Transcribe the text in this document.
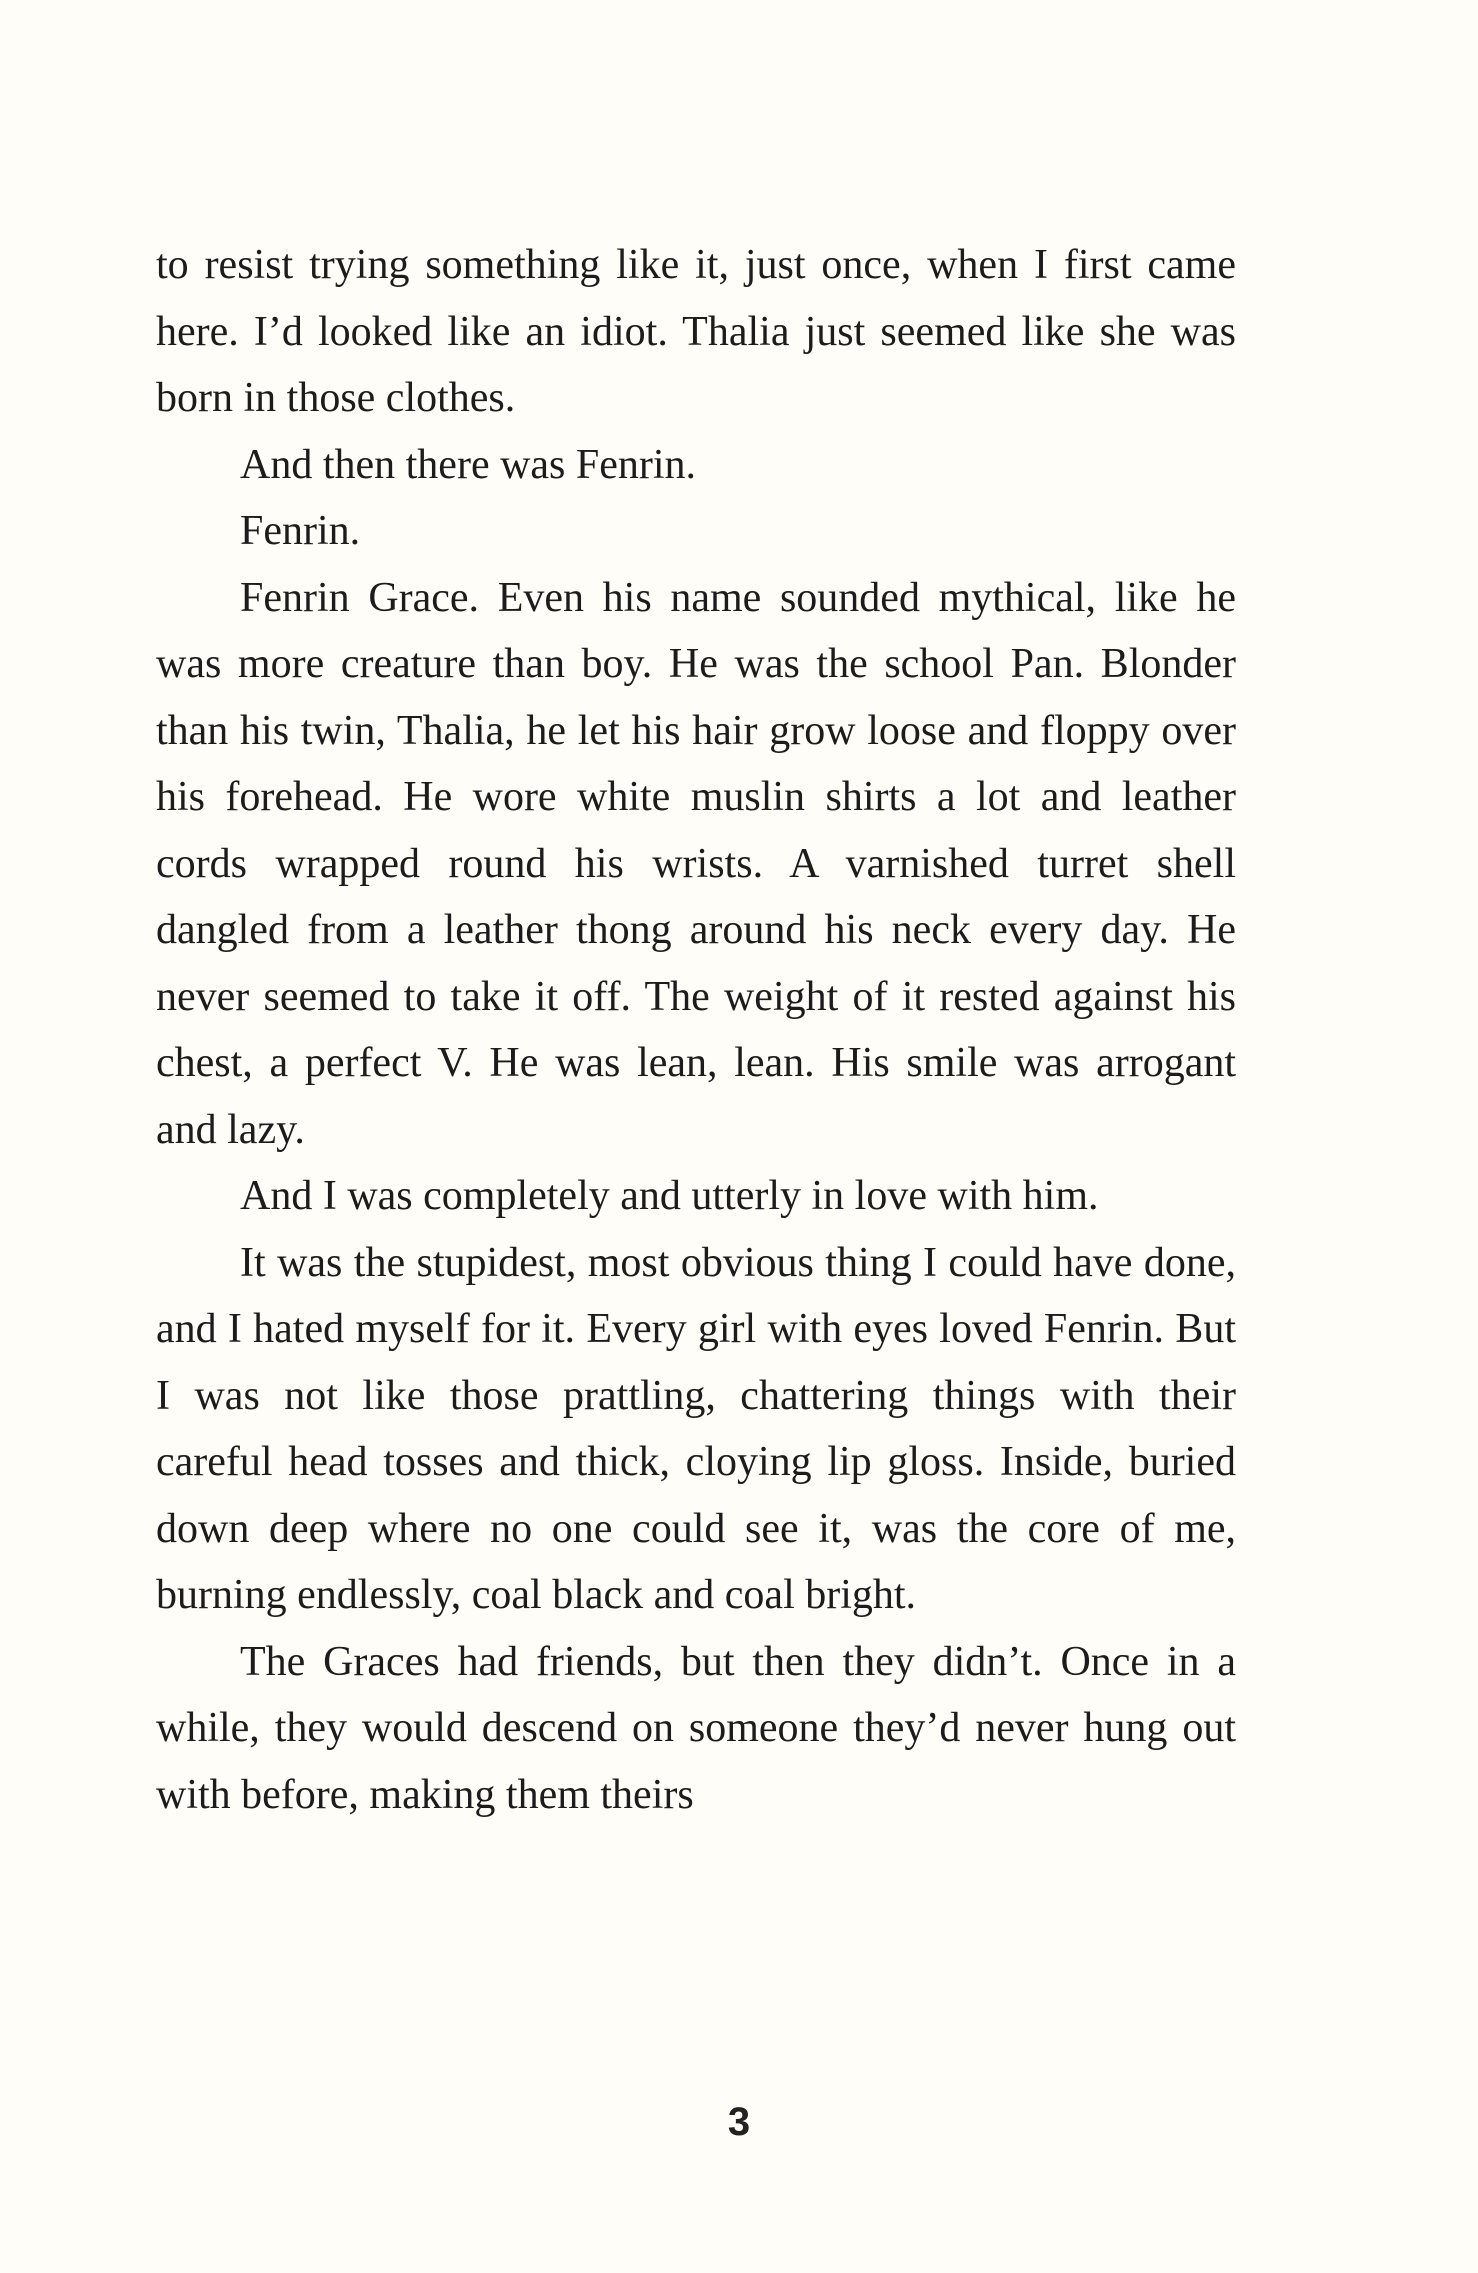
to resist trying something like it, just once, when I first came here. I’d looked like an idiot. Thalia just seemed like she was born in those clothes.

And then there was Fenrin.

Fenrin.

Fenrin Grace. Even his name sounded mythical, like he was more creature than boy. He was the school Pan. Blonder than his twin, Thalia, he let his hair grow loose and floppy over his forehead. He wore white muslin shirts a lot and leather cords wrapped round his wrists. A varnished turret shell dangled from a leather thong around his neck every day. He never seemed to take it off. The weight of it rested against his chest, a perfect V. He was lean, lean. His smile was arrogant and lazy.

And I was completely and utterly in love with him.

It was the stupidest, most obvious thing I could have done, and I hated myself for it. Every girl with eyes loved Fenrin. But I was not like those prattling, chattering things with their careful head tosses and thick, cloying lip gloss. Inside, buried down deep where no one could see it, was the core of me, burning endlessly, coal black and coal bright.

The Graces had friends, but then they didn’t. Once in a while, they would descend on someone they’d never hung out with before, making them theirs

3
